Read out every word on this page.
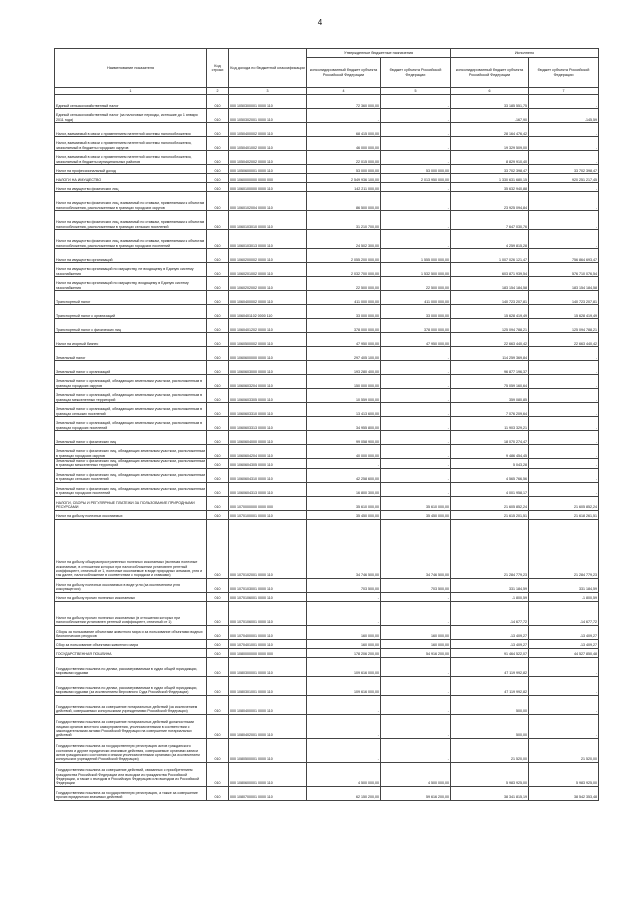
4
Наименование показателя	Код строки	Код дохода по бюджетной классификации	Утвержденные бюджетные назначения		Исполнено	
			консолидированный бюджет субъекта Российской Федерации	бюджет субъекта Российской Федерации	консолидированный бюджет субъекта Российской Федерации	бюджет субъекта Российской Федерации
1	2	3	4	5	6	7
Единый сельскохозяйственный налог	010	000 1050300001 0000 110	72 360 000,00	-	33 185 551,75	-
Единый сельскохозяйственный налог (за налоговые периоды, истекшие до 1 января 2011 года)	010	000 1050302001 0000 110	-	-	-167,90	-145,59
Налог, взимаемый в связи с применением патентной системы налогообложения	010	000 1050400002 0000 110	68 415 000,00	-	28 164 476,42	-
Налог, взимаемый в связи с применением патентной системы налогообложения, зачисляемый в бюджеты городских округов	010	000 1050401002 0000 110	46 000 000,00	-	19 329 509,00	-
Налог, взимаемый в связи с применением патентной системы налогообложения, зачисляемый в бюджеты муниципальных районов	010	000 1050402002 0000 110	22 015 000,00	-	8 829 910,40	-
Налог на профессиональный доход	010	000 1050600001 0000 110	53 000 000,00	53 000 000,00	33 702 398,47	33 702 398,47
НАЛОГИ НА ИМУЩЕСТВО	010	000 1060000000 0000 000	2 549 936 100,00	2 013 950 000,00	1 330 631 680,15	920 251 217,45
Налог на имущество физических лиц	010	000 1060100000 0000 110	142 211 000,00	-	35 632 940,88	-
Налог на имущество физических лиц, взимаемый по ставкам, применяемым к объектам налогообложения, расположенным в границах городских округов	010	000 1060102004 0000 110	86 500 000,00	-	23 925 094,84	-
Налог на имущество физических лиц, взимаемый по ставкам, применяемым к объектам налогообложения, расположенным в границах сельских поселений	010	000 1060103010 0000 110	31 210 700,00	-	7 647 030,76	-
Налог на имущество физических лиц, взимаемый по ставкам, применяемым к объектам налогообложения, расположенным в границах городских поселений	010	000 1060103013 0000 110	24 502 300,00	-	4 259 815,28	-
Налог на имущество организаций	010	000 1060200002 0000 110	2 055 200 000,00	1 555 000 000,00	1 007 026 121,47	756 864 693,47
Налог на имущество организаций по имуществу, не входящему в Единую систему газоснабжения	010	000 1060201002 0000 110	2 032 700 000,00	1 532 500 000,00	603 871 939,54	576 710 076,54
Налог на имущество организаций по имуществу, входящему в Единую систему газоснабжения	010	000 1060202002 0000 110	22 500 000,00	22 500 000,00	183 154 184,58	183 154 184,58
Транспортный налог	010	000 1060400002 0000 110	411 000 000,00	411 000 000,00	140 723 207,81	140 723 207,81
Транспортный налог с организаций	010	000 1060401102 0000 110	33 000 000,00	33 000 000,00	15 628 419,49	15 628 419,49
Транспортный налог с физических лиц	010	000 1060401202 0000 110	378 000 000,00	378 000 000,00	125 094 788,21	125 094 788,21
Налог на игорный бизнес	010	000 1060500002 0000 110	47 950 000,00	47 950 000,00	22 663 440,42	22 663 440,42
Земельный налог	010	000 1060600000 0000 110	297 405 100,00	-	114 259 369,84	-
Земельный налог с организаций	010	000 1060603000 0000 110	193 280 400,00	-	96 877 196,37	-
Земельный налог с организаций, обладающих земельным участком, расположенным в границах городских округов	010	000 1060603204 0000 110	150 000 000,00	-	75 059 160,64	-
Земельный налог с организаций, обладающих земельным участком, расположенным в границах межселенных территорий	010	000 1060603305 0000 110	10 559 000,00	-	359 080,85	-
Земельный налог с организаций, обладающих земельным участком, расположенным в границах сельских поселений	010	000 1060603310 0000 110	13 413 600,00	-	7 076 209,64	-
Земельный налог с организаций, обладающих земельным участком, расположенным в границах городских поселений	010	000 1060603313 0000 110	34 955 800,00	-	11 903 329,21	-
Земельный налог с физических лиц	010	000 1060604000 0000 110	99 058 900,00	-	18 070 274,47	-
Земельный налог с физических лиц, обладающих земельным участком, расположенным в границах городских округов	010	000 1060604204 0000 110	40 000 000,00	-	9 486 454,45	-
Земельный налог с физических лиц, обладающих земельным участком, расположенным в границах межселенных территорий	010	000 1060604305 0000 110	-	-	5 043,28	-
Земельный налог с физических лиц, обладающих земельным участком, расположенным в границах сельских поселений	010	000 1060604310 0000 110	42 258 600,00	-	4 565 766,56	-
Земельный налог с физических лиц, обладающих земельным участком, расположенным в границах городских поселений	010	000 1060604313 0000 110	16 800 300,00	-	4 001 958,17	-
НАЛОГИ, СБОРЫ И РЕГУЛЯРНЫЕ ПЛАТЕЖИ ЗА ПОЛЬЗОВАНИЕ ПРИРОДНЫМИ РЕСУРСАМИ	010	000 1070000000 0000 000	35 610 000,00	35 610 000,00	21 605 852,24	21 605 852,24
Налог на добычу полезных ископаемых	010	000 1070100001 0000 110	35 450 000,00	35 450 000,00	21 615 201,51	21 618 261,51
Налог на добычу общераспространенных полезных ископаемых (включая полезные ископаемые, в отношении которых при налогообложении установлен рентный коэффициент, отличный от 1, полезные ископаемые в виде природных алмазов, угля и так далее, налогообложение в соответствии с порядком и ставками)	010	000 1070102001 0000 110	34 746 500,00	34 746 500,00	21 284 779,23	21 284 779,23
Налог на добычу полезных ископаемых в виде угля (за исключением угля коксующегося)	010	000 1070103001 0000 110	703 500,00	703 500,00	331 184,59	331 184,59
Налог на добычу прочих полезных ископаемых	010	000 1070106001 0000 110	-	-	-1 800,59	-1 800,59
Налог на добычу прочих полезных ископаемых (в отношении которых при налогообложении установлен рентный коэффициент, отличный от 1)	010	000 1070106001 0000 110	-	-	-14 677,72	-14 677,72
Сборы за пользование объектами животного мира и за пользование объектами водных биологических ресурсов	010	000 1070400001 0000 110	160 000,00	160 000,00	-13 409,27	-13 409,27
Сбор за пользование объектами животного мира	010	000 1070401001 0000 110	160 000,00	160 000,00	-13 409,27	-13 409,27
ГОСУДАРСТВЕННАЯ ПОШЛИНА	010	000 1080000000 0000 000	178 206 200,00	54 916 200,00	91 464 522,07	44 527 850,48
Государственная пошлина по делам, рассматриваемым в судах общей юрисдикции, мировыми судьями	010	000 1080300001 0000 110	109 616 000,00	-	47 119 992,82	-
Государственная пошлина по делам, рассматриваемым в судах общей юрисдикции, мировыми судьями (за исключением Верховного Суда Российской Федерации)	010	000 1080301001 0000 110	109 616 000,00	-	47 119 992,82	-
Государственная пошлина за совершение нотариальных действий (за исключением действий, совершаемых консульскими учреждениями Российской Федерации)	010	000 1080400001 0000 110	-	-	500,00	-
Государственная пошлина за совершение нотариальных действий должностными лицами органов местного самоуправления, уполномоченными в соответствии с законодательными актами Российской Федерации на совершение нотариальных действий	010	000 1080402001 0000 110	-	-	500,00	-
Государственная пошлина за государственную регистрацию актов гражданского состояния и другие юридически значимые действия, совершаемые органами записи актов гражданского состояния и иными уполномоченными органами (за исключением консульских учреждений Российской Федерации)	010	000 1080500001 0000 110	-	-	21 520,00	21 520,00
Государственная пошлина за совершение действий, связанных с приобретением гражданства Российской Федерации или выходом из гражданства Российской Федерации, а также с въездом в Российскую Федерацию или выездом из Российской Федерации	010	000 1080600001 0000 110	4 500 000,00	4 500 000,00	5 983 925,00	5 983 925,00
Государственная пошлина за государственную регистрацию, а также за совершение прочих юридически значимых действий	010	000 1080700001 0000 110	62 150 200,00	59 616 200,00	38 341 815,19	38 542 353,48
